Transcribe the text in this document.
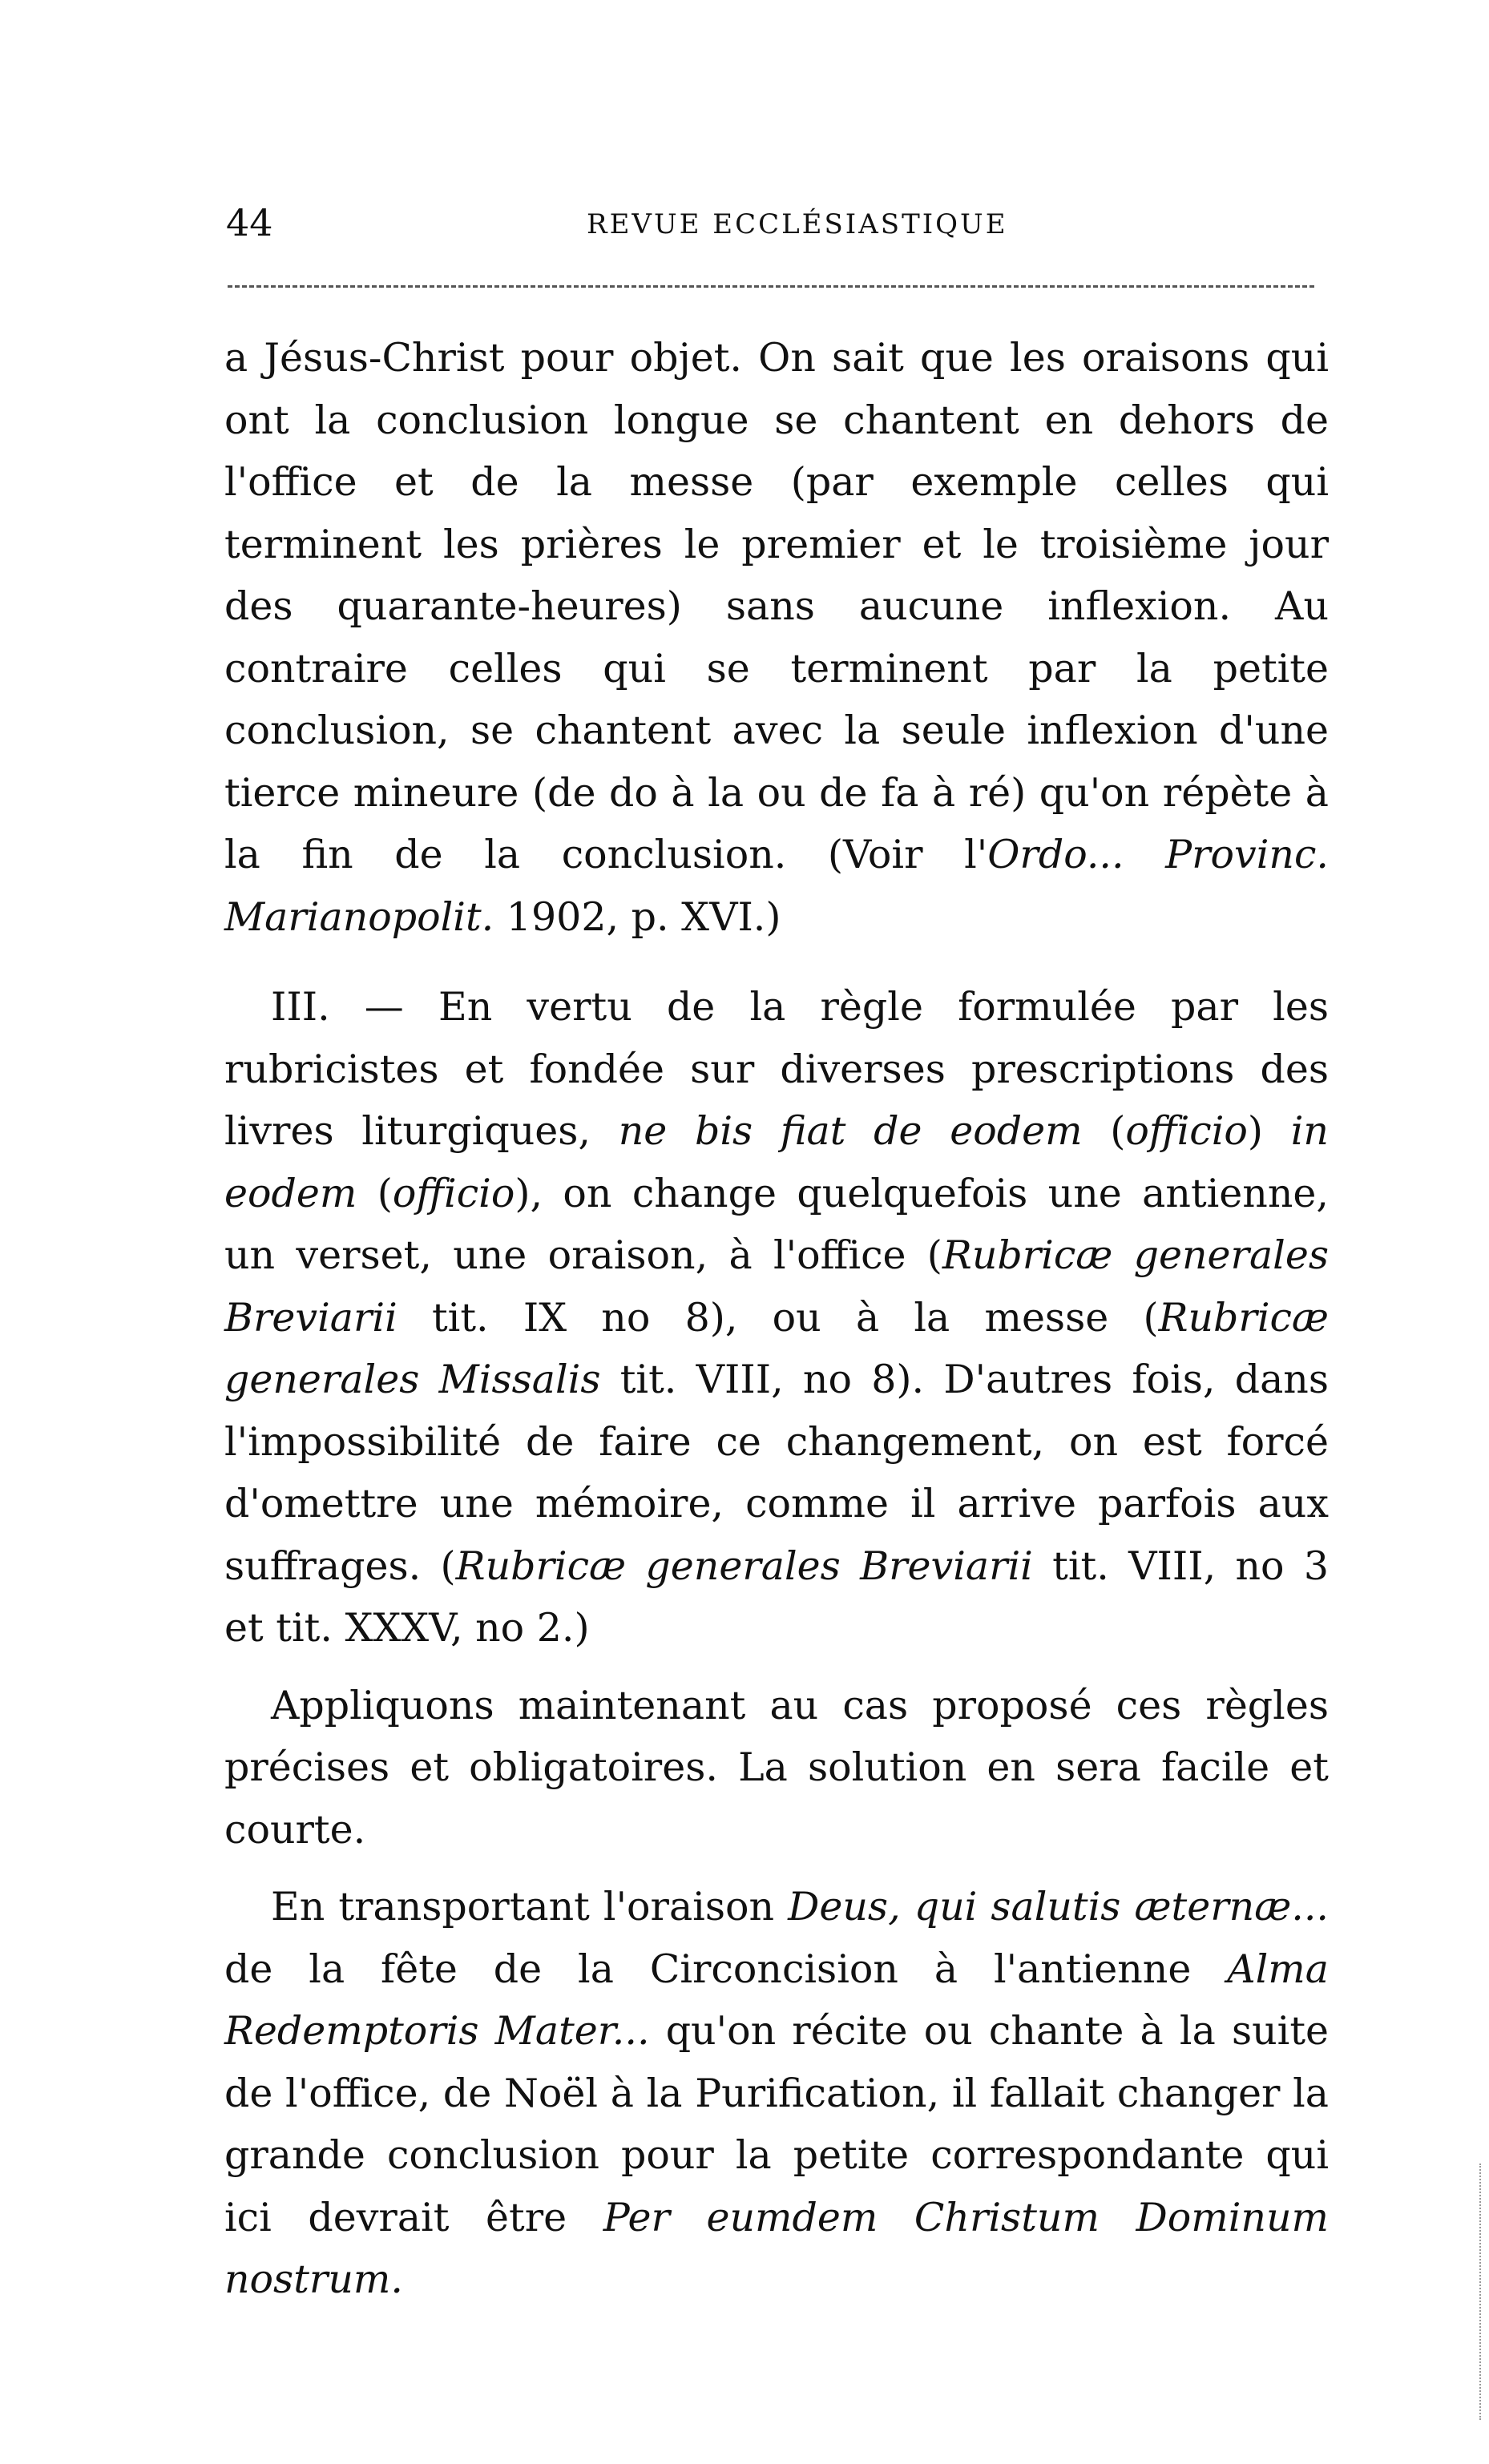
44	REVUE ECCLÉSIASTIQUE

a Jésus-Christ pour objet. On sait que les oraisons qui ont la conclusion longue se chantent en dehors de l'office et de la messe (par exemple celles qui terminent les prières le premier et le troisième jour des quarante-heures) sans aucune inflexion. Au contraire celles qui se terminent par la petite conclusion, se chantent avec la seule inflexion d'une tierce mineure (de do à la ou de fa à ré) qu'on répète à la fin de la conclusion. (Voir l'Ordo... Provinc. Marianopolit. 1902, p. XVI.)

III. — En vertu de la règle formulée par les rubricistes et fondée sur diverses prescriptions des livres liturgiques, ne bis fiat de eodem (officio) in eodem (officio), on change quelquefois une antienne, un verset, une oraison, à l'office (Rubricæ generales Breviarii tit. IX no 8), ou à la messe (Rubricæ generales Missalis tit. VIII, no 8). D'autres fois, dans l'impossibilité de faire ce changement, on est forcé d'omettre une mémoire, comme il arrive parfois aux suffrages. (Rubricæ generales Breviarii tit. VIII, no 3 et tit. XXXV, no 2.)

Appliquons maintenant au cas proposé ces règles précises et obligatoires. La solution en sera facile et courte.

En transportant l'oraison Deus, qui salutis æternæ... de la fête de la Circoncision à l'antienne Alma Redemptoris Mater... qu'on récite ou chante à la suite de l'office, de Noël à la Purification, il fallait changer la grande conclusion pour la petite correspondante qui ici devrait être Per eumdem Christum Dominum nostrum.
